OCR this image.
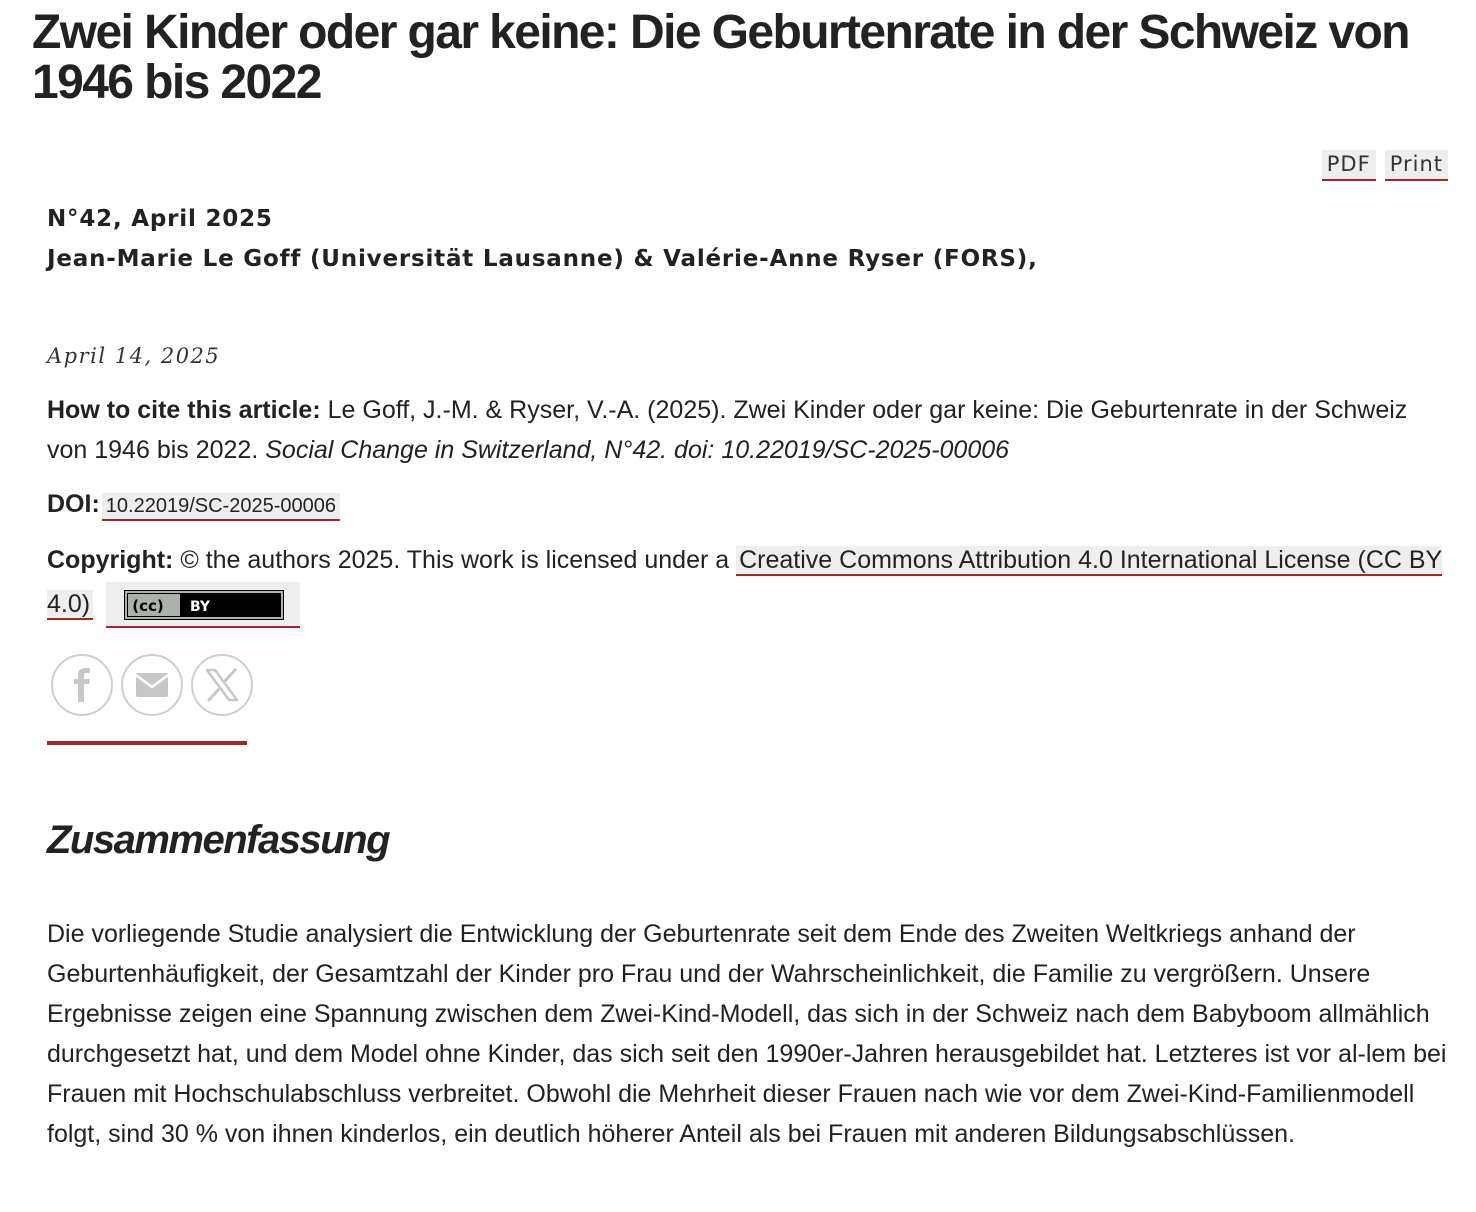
Zwei Kinder oder gar keine: Die Geburtenrate in der Schweiz von 1946 bis 2022
PDF Print
N°42, April 2025
Jean-Marie Le Goff (Universität Lausanne) & Valérie-Anne Ryser (FORS),
April 14, 2025
How to cite this article: Le Goff, J.-M. & Ryser, V.-A. (2025). Zwei Kinder oder gar keine: Die Geburtenrate in der Schweiz von 1946 bis 2022. Social Change in Switzerland, N°42. doi: 10.22019/SC-2025-00006
DOI: 10.22019/SC-2025-00006
Copyright: © the authors 2025. This work is licensed under a Creative Commons Attribution 4.0 International License (CC BY 4.0)	(cc) BY
Zusammenfassung

Die vorliegende Studie analysiert die Entwicklung der Geburtenrate seit dem Ende des Zweiten Weltkriegs anhand der Geburtenhäufigkeit, der Gesamtzahl der Kinder pro Frau und der Wahrscheinlichkeit, die Familie zu vergrößern. Unsere Ergebnisse zeigen eine Spannung zwischen dem Zwei-Kind-Modell, das sich in der Schweiz nach dem Babyboom allmählich durchgesetzt hat, und dem Model ohne Kinder, das sich seit den 1990er-Jahren herausgebildet hat. Letzteres ist vor al-lem bei Frauen mit Hochschulabschluss verbreitet. Obwohl die Mehrheit dieser Frauen nach wie vor dem Zwei-Kind-Familienmodell folgt, sind 30 % von ihnen kinderlos, ein deutlich höherer Anteil als bei Frauen mit anderen Bildungsabschlüssen.
